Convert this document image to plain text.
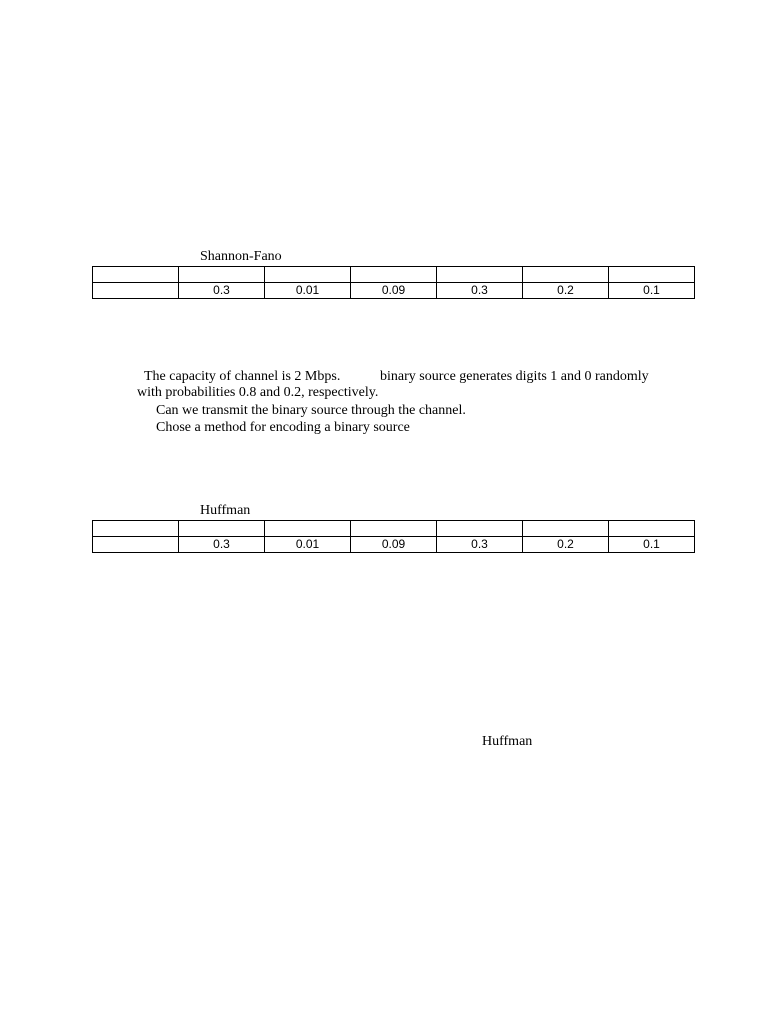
Shannon-Fano

	0.3	0.01	0.09	0.3	0.2	0.1
The capacity of channel is 2 Mbps.	binary source generates digits 1 and 0 randomly
with probabilities 0.8 and 0.2, respectively.
Can we transmit the binary source through the channel.
Chose a method for encoding a binary source
Huffman

	0.3	0.01	0.09	0.3	0.2	0.1
Huffman
